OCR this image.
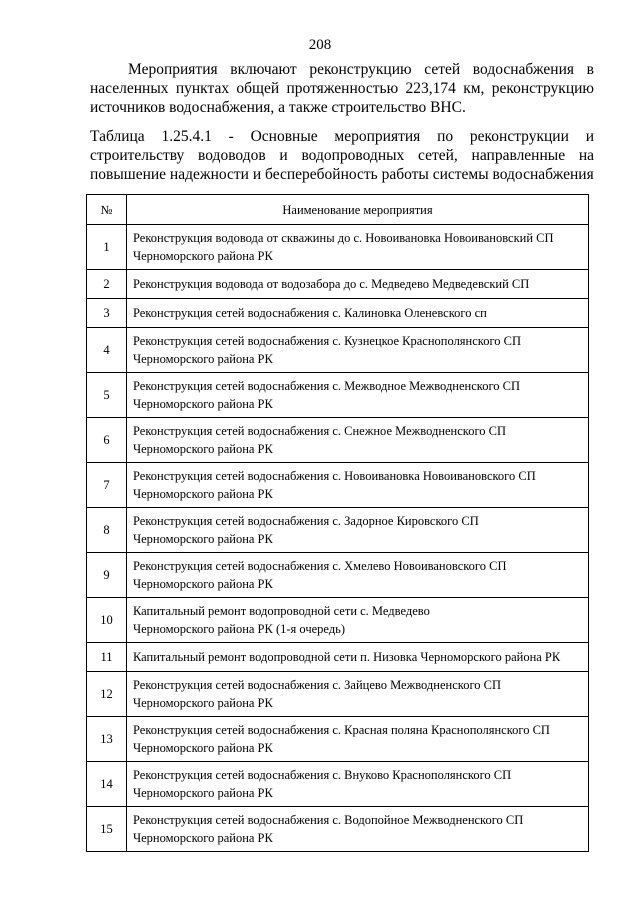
208

Мероприятия включают реконструкцию сетей водоснабжения в населенных пунктах общей протяженностью 223,174 км, реконструкцию источников водоснабжения, а также строительство ВНС.

Таблица 1.25.4.1 - Основные мероприятия по реконструкции и строительству водоводов и водопроводных сетей, направленные на повышение надежности и бесперебойность работы системы водоснабжения

№	Наименование мероприятия
1	Реконструкция водовода от скважины до с. Новоивановка Новоивановский СП
Черноморского района РК
2	Реконструкция водовода от водозабора до с. Медведево Медведевский СП
3	Реконструкция сетей водоснабжения с. Калиновка Оленевского сп
4	Реконструкция сетей водоснабжения с. Кузнецкое Краснополянского СП
Черноморского района РК
5	Реконструкция сетей водоснабжения с. Межводное Межводненского СП
Черноморского района РК
6	Реконструкция сетей водоснабжения с. Снежное Межводненского СП
Черноморского района РК
7	Реконструкция сетей водоснабжения с. Новоивановка Новоивановского СП
Черноморского района РК
8	Реконструкция сетей водоснабжения с. Задорное Кировского СП
Черноморского района РК
9	Реконструкция сетей водоснабжения с. Хмелево Новоивановского СП
Черноморского района РК
10	Капитальный ремонт водопроводной сети с. Медведево
Черноморского района РК (1-я очередь)
11	Капитальный ремонт водопроводной сети п. Низовка Черноморского района РК
12	Реконструкция сетей водоснабжения с. Зайцево Межводненского СП
Черноморского района РК
13	Реконструкция сетей водоснабжения с. Красная поляна Краснополянского СП
Черноморского района РК
14	Реконструкция сетей водоснабжения с. Внуково Краснополянского СП
Черноморского района РК
15	Реконструкция сетей водоснабжения с. Водопойное Межводненского СП
Черноморского района РК
